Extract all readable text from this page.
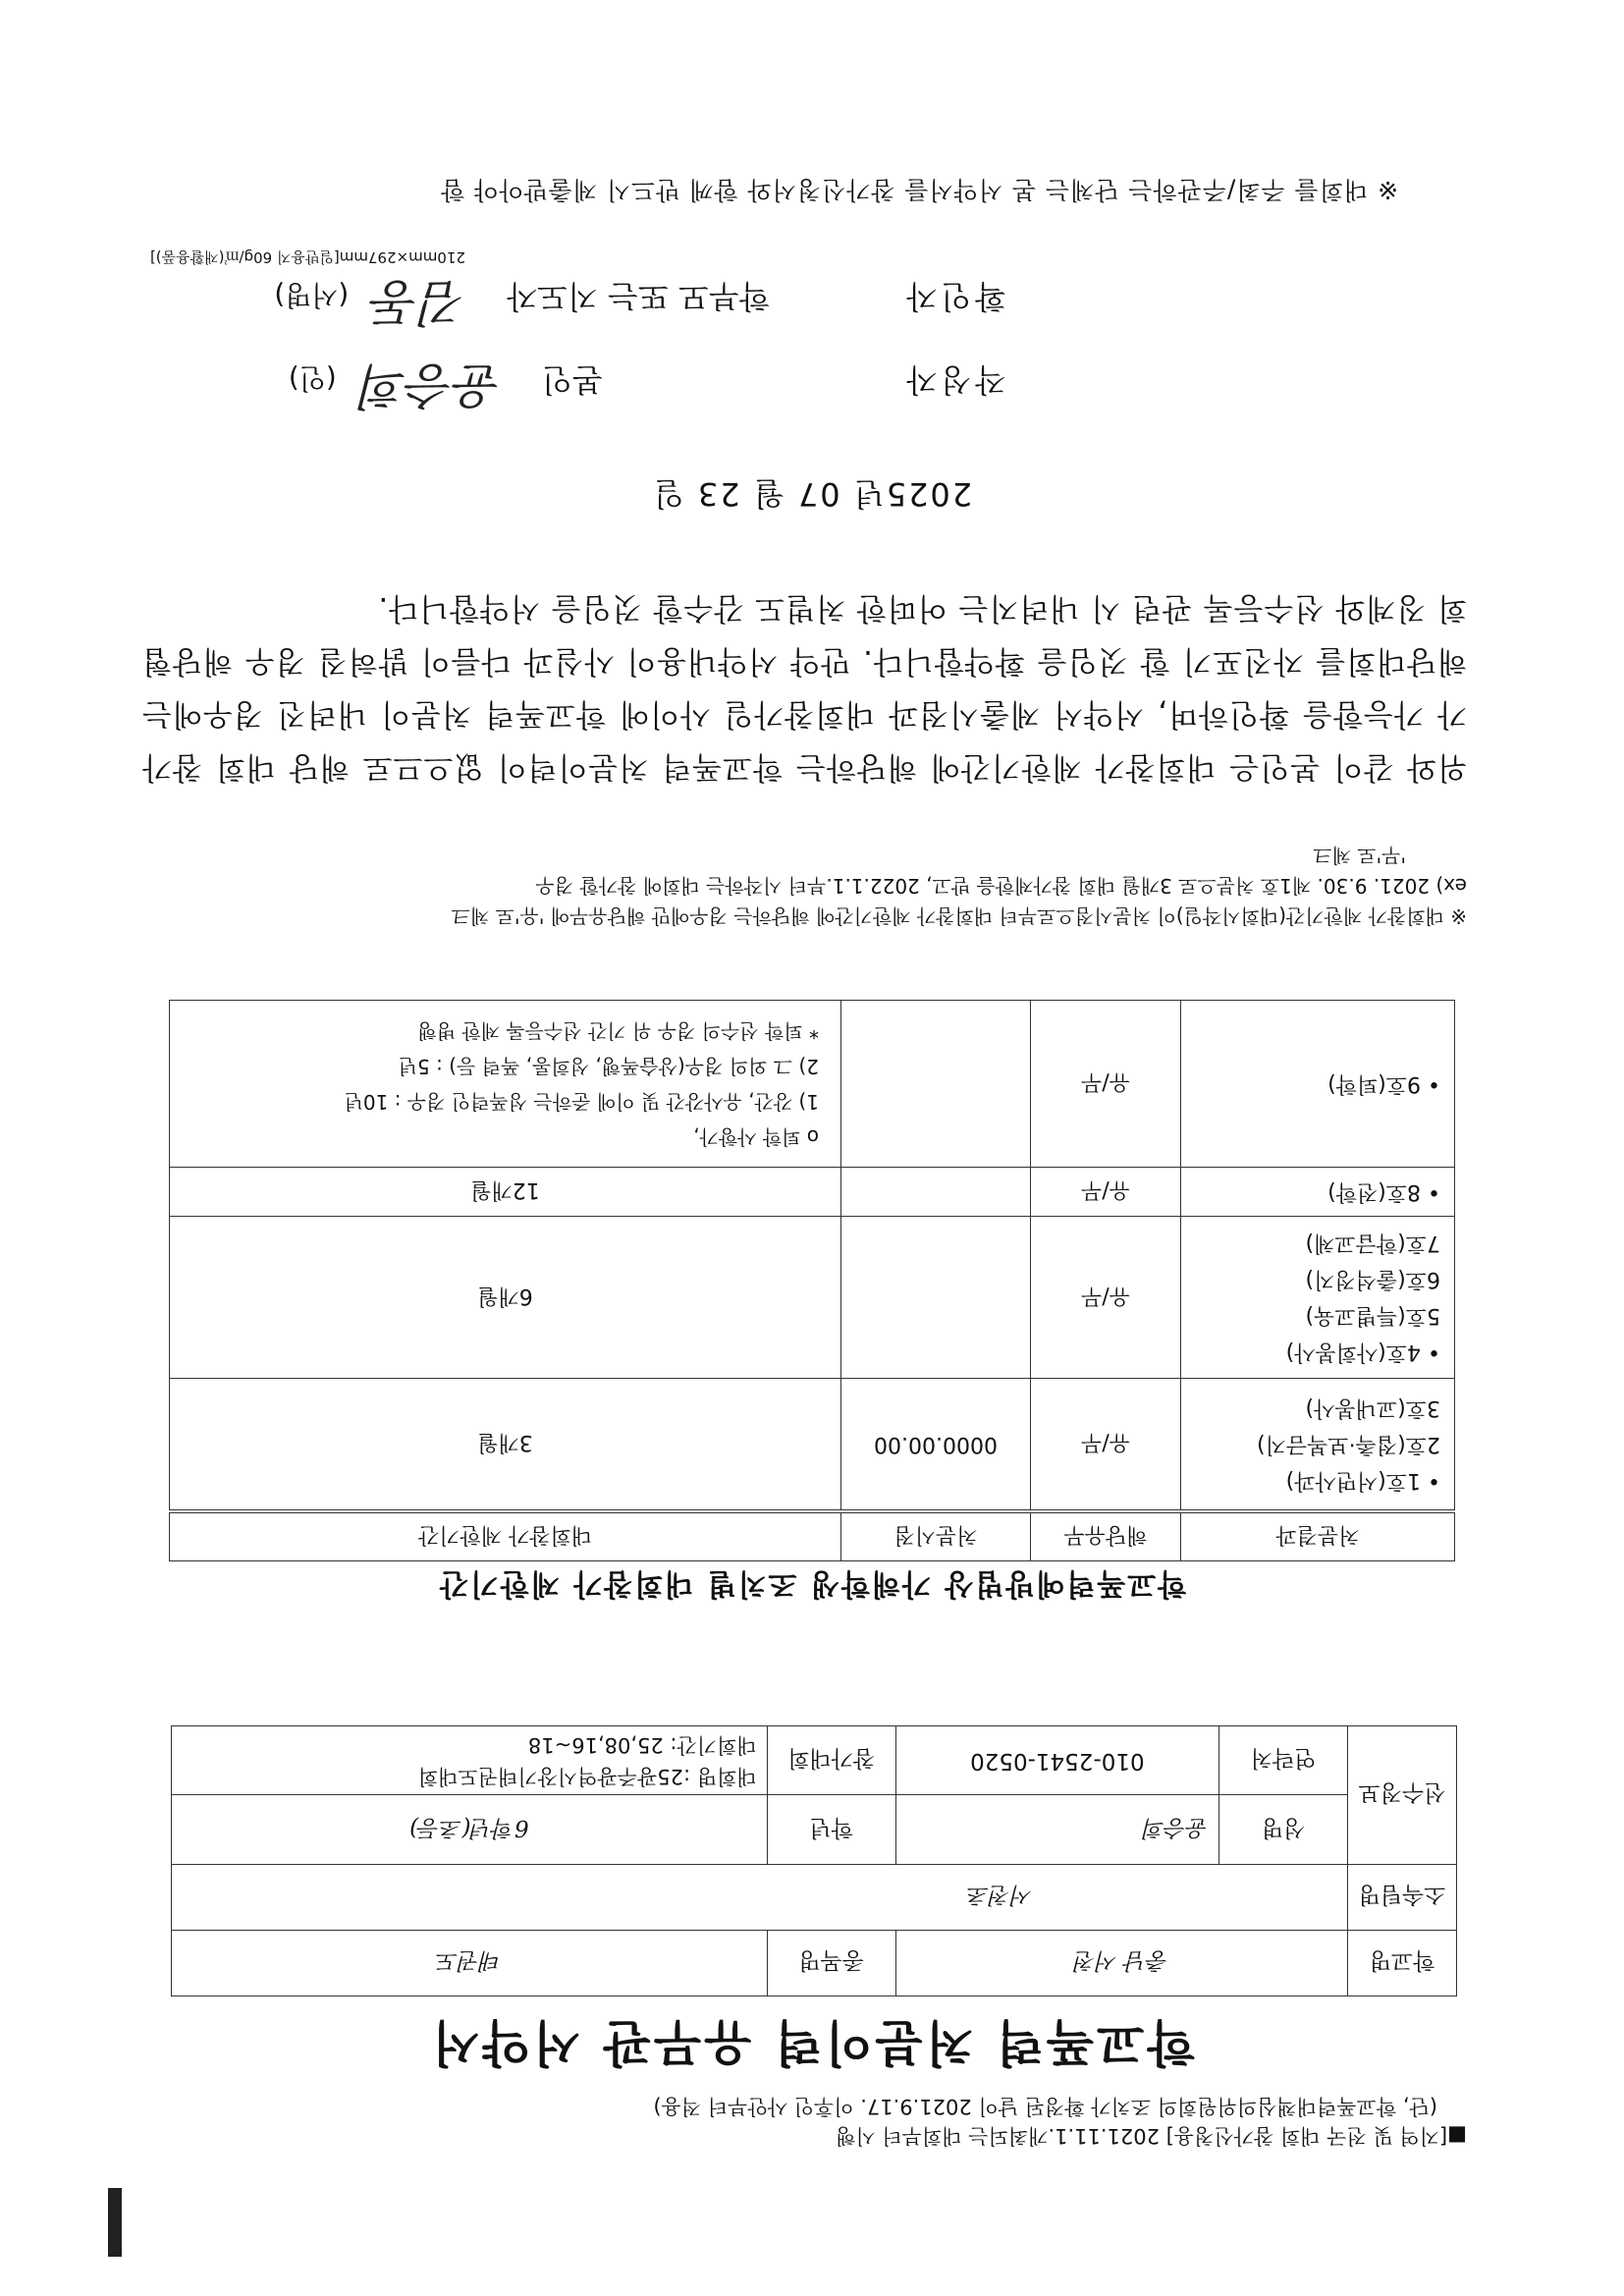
■[지역 및 전국 대회 참가신청용] 2021.11.1.개최되는 대회부터 시행
(단, 학교폭력대책심의위원회의 조치가 확정된 날이 2021.9.17. 이후인 사안부터 적용)
학교폭력 처분이력 유무관 서약서
학교명	충남 서천		종목명	태권도
소속팀명	서천초			
선수정보	성명	윤승희	학년	6학년(초등)
	연락처	010-2541-0520	참가대회	대회명 :25광주광역시장기태권도대회
대회기간: 25,08,16~18
학교폭력예방법상 가해학생 조치별 대회참가 제한기간
처분결과	해당유무	처분시점	대회참가 제한기간

• 1호(서면사과)
2호(접촉·보복금지)
3호(교내봉사)	유/무	0000.00.00	3개월

• 4호(사회봉사)
5호(특별교육)
6호(출석정지)
7호(학급교체)	유/무		6개월

• 8호(전학)	유/무		12개월

• 9호(퇴학)	유/무		o 퇴학 사항가,
1) 강간, 유사강간 및 이에 준하는 성폭력인 경우 : 10년
2) 그 외의 경우(상습폭행, 성희롱, 폭력 등) : 5년
* 퇴학 선수의 경우 위 기간 선수등록 제한 병행
※ 대회참가 제한기간(대회시작일)이 처분시점으로부터 대회참가 제한기간에 해당하는 경우에만 해당유무에 '유'로 체크
ex) 2021. 9.30. 제1호 처분으로 3개월 대회 참가제한을 받고, 2022.1.1.부터 시작하는 대회에 참가할 경우
'무'로 체크
위와 같이 본인은 대회참가 제한기간에 해당하는 학교폭력 처분이력이 없으므로 해당 대회 참가가 가능함을 확인하며, 서약서 제출시점과 대회참가일 사이에 학교폭력 처분이 내려진 경우에는 해당대회를 자진포기 할 것임을 확약합니다. 만약 서약내용이 사실과 다름이 밝혀질 경우 해당협회 징계와 선수등록 관련 시 내려지는 어떠한 처벌도 감수할 것임을 서약합니다.
2025년 07 월 23 일
작성자 본인 윤승희 (인)
확인자 학부모 또는 지도자 김동 (서명)
210mm×297mm[일반용지 60g/㎡(재활용품)]
※ 대회를 주최/주관하는 단체는 본 서약서를 참가신청서와 함께 반드시 제출받아야 함
